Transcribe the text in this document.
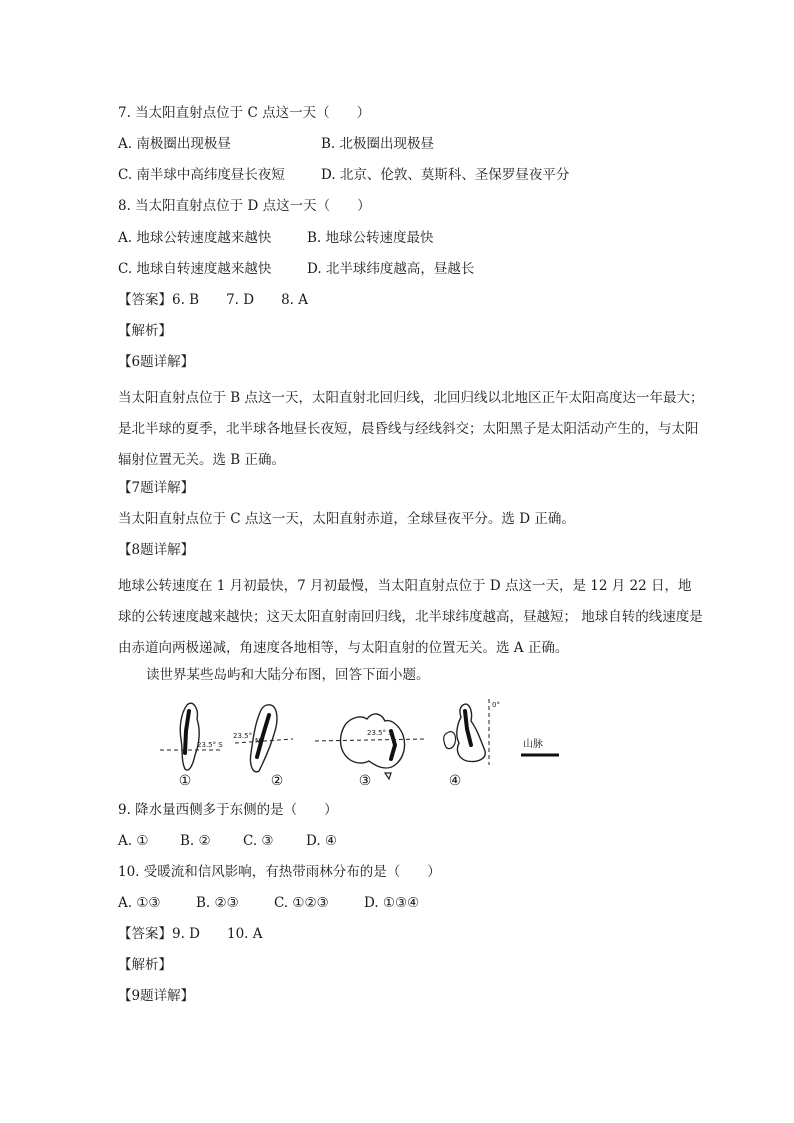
7. 当太阳直射点位于 C 点这一天（　　）
A. 南极圈出现极昼	B. 北极圈出现极昼
C. 南半球中高纬度昼长夜短	D. 北京、伦敦、莫斯科、圣保罗昼夜平分
8. 当太阳直射点位于 D 点这一天（　　）
A. 地球公转速度越来越快	B. 地球公转速度最快
C. 地球自转速度越来越快	D. 北半球纬度越高，昼越长
【答案】6. B　　7. D　　8. A
【解析】
【6题详解】
当太阳直射点位于 B 点这一天，太阳直射北回归线，北回归线以北地区正午太阳高度达一年最大；是北半球的夏季，北半球各地昼长夜短，晨昏线与经线斜交；太阳黑子是太阳活动产生的，与太阳辐射位置无关。选 B 正确。
【7题详解】
当太阳直射点位于 C 点这一天，太阳直射赤道，全球昼夜平分。选 D 正确。
【8题详解】
地球公转速度在 1 月初最快，7 月初最慢，当太阳直射点位于 D 点这一天，是 12 月 22 日，地球的公转速度越来越快；这天太阳直射南回归线，北半球纬度越高，昼越短； 地球自转的线速度是由赤道向两极递减，角速度各地相等，与太阳直射的位置无关。选 A 正确。
读世界某些岛屿和大陆分布图，回答下面小题。
23.5° S
①
23.5°
N
②
23.5° S
③
0°
④
山脉
9. 降水量西侧多于东侧的是（　　）
A. ① B. ② C. ③ D. ④
10. 受暖流和信风影响，有热带雨林分布的是（　　）
A. ①③	B. ②③	C. ①②③	D. ①③④
【答案】9. D　　10. A
【解析】
【9题详解】
